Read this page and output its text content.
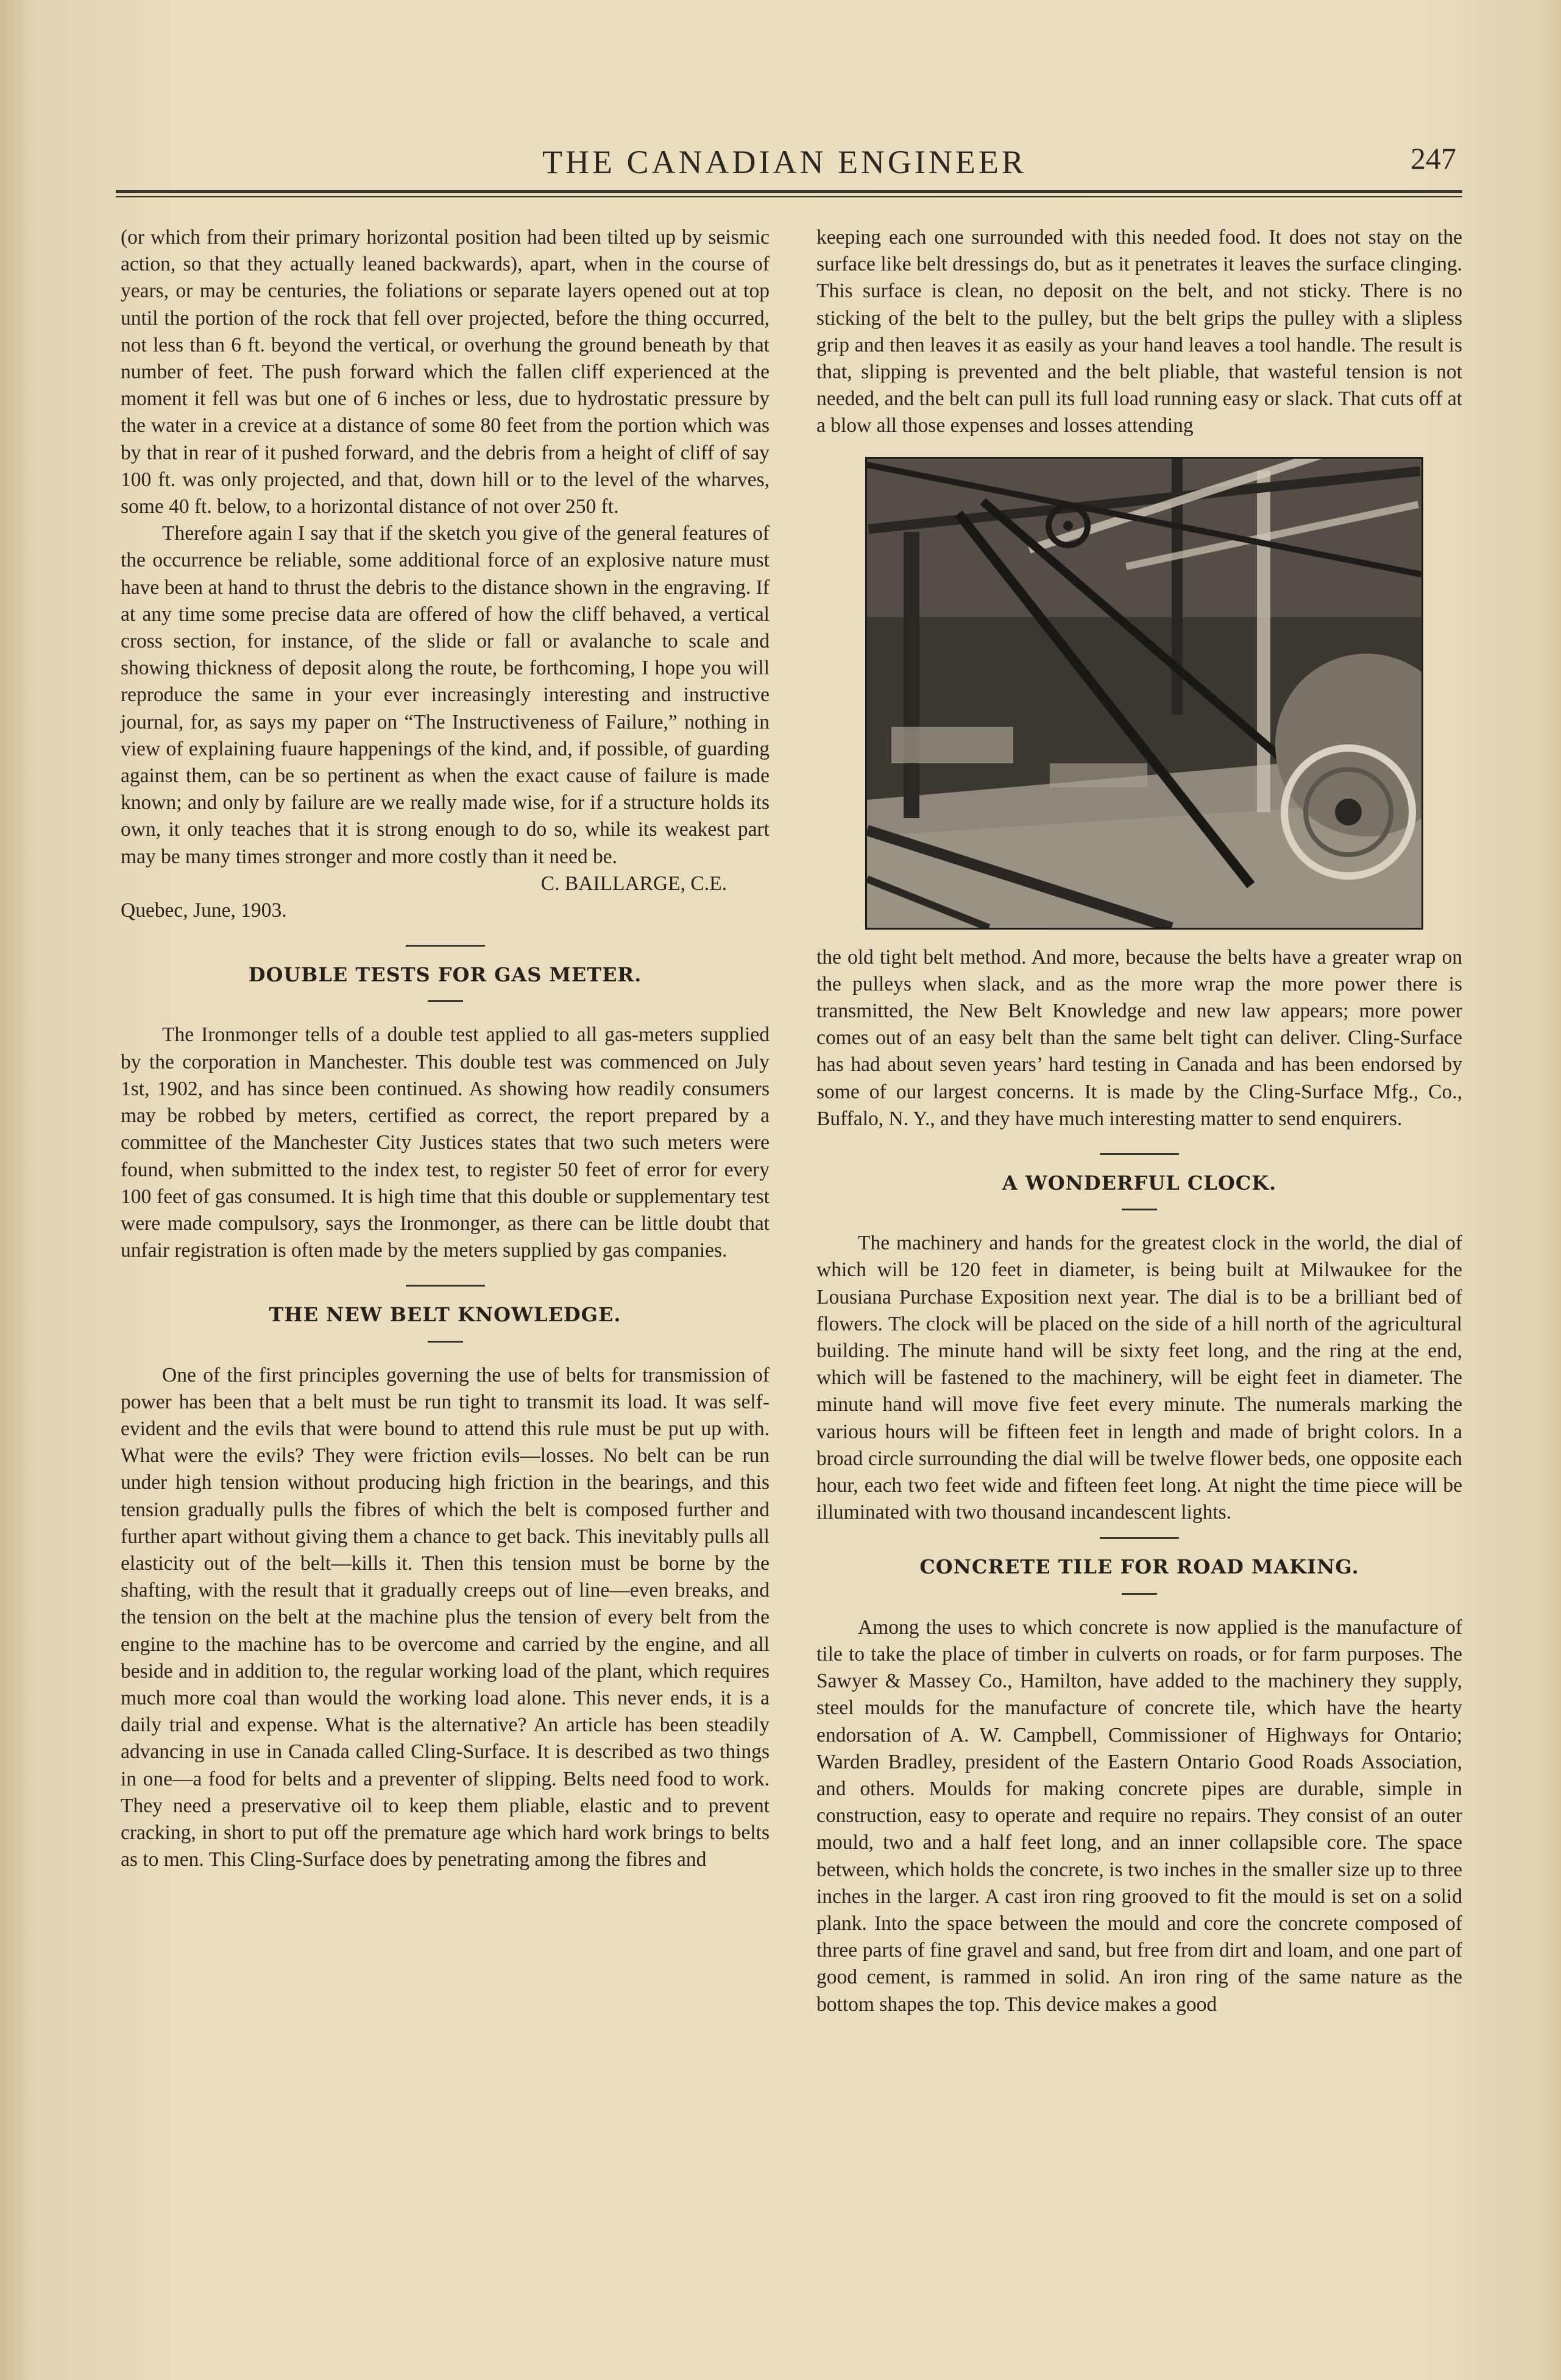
THE CANADIAN ENGINEER	247

(or which from their primary horizontal position had been tilted up by seismic action, so that they actually leaned backwards), apart, when in the course of years, or may be centuries, the foliations or separate layers opened out at top until the portion of the rock that fell over projected, before the thing occurred, not less than 6 ft. beyond the vertical, or overhung the ground beneath by that number of feet. The push forward which the fallen cliff experienced at the moment it fell was but one of 6 inches or less, due to hydrostatic pressure by the water in a crevice at a distance of some 80 feet from the portion which was by that in rear of it pushed forward, and the debris from a height of cliff of say 100 ft. was only projected, and that, down hill or to the level of the wharves, some 40 ft. below, to a horizontal distance of not over 250 ft.

Therefore again I say that if the sketch you give of the general features of the occurrence be reliable, some additional force of an explosive nature must have been at hand to thrust the debris to the distance shown in the engraving. If at any time some precise data are offered of how the cliff behaved, a vertical cross section, for instance, of the slide or fall or avalanche to scale and showing thickness of deposit along the route, be forthcoming, I hope you will reproduce the same in your ever increasingly interesting and instructive journal, for, as says my paper on “The Instructiveness of Failure,” nothing in view of explaining fuaure happenings of the kind, and, if possible, of guarding against them, can be so pertinent as when the exact cause of failure is made known; and only by failure are we really made wise, for if a structure holds its own, it only teaches that it is strong enough to do so, while its weakest part may be many times stronger and more costly than it need be.

C. BAILLARGE, C.E.

Quebec, June, 1903.

DOUBLE TESTS FOR GAS METER.

The Ironmonger tells of a double test applied to all gas-meters supplied by the corporation in Manchester. This double test was commenced on July 1st, 1902, and has since been continued. As showing how readily consumers may be robbed by meters, certified as correct, the report prepared by a committee of the Manchester City Justices states that two such meters were found, when submitted to the index test, to register 50 feet of error for every 100 feet of gas consumed. It is high time that this double or supplementary test were made compulsory, says the Ironmonger, as there can be little doubt that unfair registration is often made by the meters supplied by gas companies.

THE NEW BELT KNOWLEDGE.

One of the first principles governing the use of belts for transmission of power has been that a belt must be run tight to transmit its load. It was self-evident and the evils that were bound to attend this rule must be put up with. What were the evils? They were friction evils—losses. No belt can be run under high tension without producing high friction in the bearings, and this tension gradually pulls the fibres of which the belt is composed further and further apart without giving them a chance to get back. This inevitably pulls all elasticity out of the belt—kills it. Then this tension must be borne by the shafting, with the result that it gradually creeps out of line—even breaks, and the tension on the belt at the machine plus the tension of every belt from the engine to the machine has to be overcome and carried by the engine, and all beside and in addition to, the regular working load of the plant, which requires much more coal than would the working load alone. This never ends, it is a daily trial and expense. What is the alternative? An article has been steadily advancing in use in Canada called Cling-Surface. It is described as two things in one—a food for belts and a preventer of slipping. Belts need food to work. They need a preservative oil to keep them pliable, elastic and to prevent cracking, in short to put off the premature age which hard work brings to belts as to men. This Cling-Surface does by penetrating among the fibres and

keeping each one surrounded with this needed food. It does not stay on the surface like belt dressings do, but as it penetrates it leaves the surface clinging. This surface is clean, no deposit on the belt, and not sticky. There is no sticking of the belt to the pulley, but the belt grips the pulley with a slipless grip and then leaves it as easily as your hand leaves a tool handle. The result is that, slipping is prevented and the belt pliable, that wasteful tension is not needed, and the belt can pull its full load running easy or slack. That cuts off at a blow all those expenses and losses attending

the old tight belt method. And more, because the belts have a greater wrap on the pulleys when slack, and as the more wrap the more power there is transmitted, the New Belt Knowledge and new law appears; more power comes out of an easy belt than the same belt tight can deliver. Cling-Surface has had about seven years’ hard testing in Canada and has been endorsed by some of our largest concerns. It is made by the Cling-Surface Mfg., Co., Buffalo, N. Y., and they have much interesting matter to send enquirers.

A WONDERFUL CLOCK.

The machinery and hands for the greatest clock in the world, the dial of which will be 120 feet in diameter, is being built at Milwaukee for the Lousiana Purchase Exposition next year. The dial is to be a brilliant bed of flowers. The clock will be placed on the side of a hill north of the agricultural building. The minute hand will be sixty feet long, and the ring at the end, which will be fastened to the machinery, will be eight feet in diameter. The minute hand will move five feet every minute. The numerals marking the various hours will be fifteen feet in length and made of bright colors. In a broad circle surrounding the dial will be twelve flower beds, one opposite each hour, each two feet wide and fifteen feet long. At night the time piece will be illuminated with two thousand incandescent lights.

CONCRETE TILE FOR ROAD MAKING.

Among the uses to which concrete is now applied is the manufacture of tile to take the place of timber in culverts on roads, or for farm purposes. The Sawyer & Massey Co., Hamilton, have added to the machinery they supply, steel moulds for the manufacture of concrete tile, which have the hearty endorsation of A. W. Campbell, Commissioner of Highways for Ontario; Warden Bradley, president of the Eastern Ontario Good Roads Association, and others. Moulds for making concrete pipes are durable, simple in construction, easy to operate and require no repairs. They consist of an outer mould, two and a half feet long, and an inner collapsible core. The space between, which holds the concrete, is two inches in the smaller size up to three inches in the larger. A cast iron ring grooved to fit the mould is set on a solid plank. Into the space between the mould and core the concrete composed of three parts of fine gravel and sand, but free from dirt and loam, and one part of good cement, is rammed in solid. An iron ring of the same nature as the bottom shapes the top. This device makes a good
